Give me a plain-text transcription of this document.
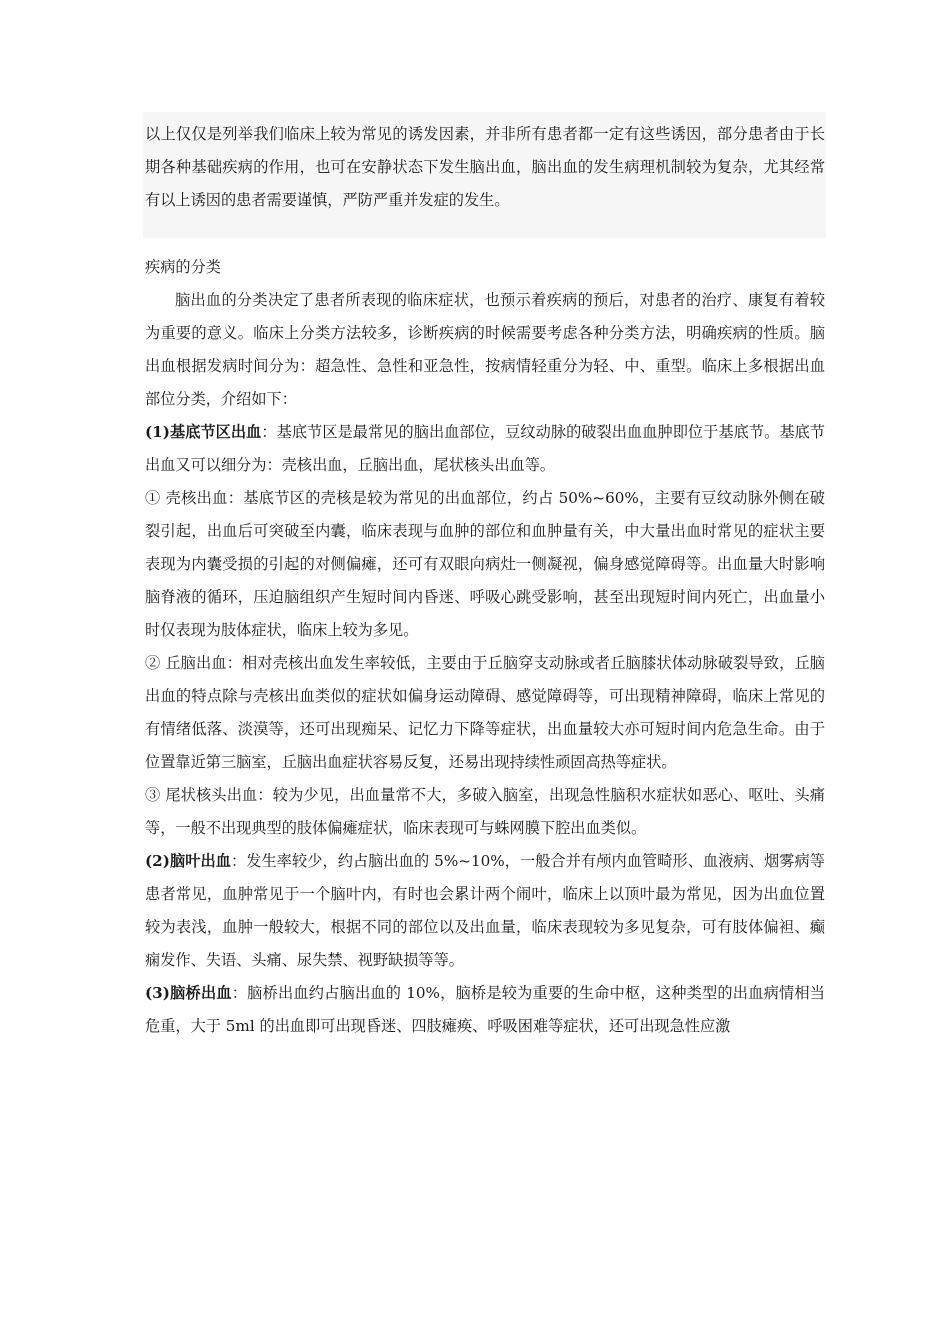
以上仅仅是列举我们临床上较为常见的诱发因素，并非所有患者都一定有这些诱因，部分患者由于长期各种基础疾病的作用，也可在安静状态下发生脑出血，脑出血的发生病理机制较为复杂，尤其经常有以上诱因的患者需要谨慎，严防严重并发症的发生。

疾病的分类

脑出血的分类决定了患者所表现的临床症状，也预示着疾病的预后，对患者的治疗、康复有着较为重要的意义。临床上分类方法较多，诊断疾病的时候需要考虑各种分类方法，明确疾病的性质。脑出血根据发病时间分为：超急性、急性和亚急性，按病情轻重分为轻、中、重型。临床上多根据出血部位分类，介绍如下：

(1)基底节区出血：基底节区是最常见的脑出血部位，豆纹动脉的破裂出血血肿即位于基底节。基底节出血又可以细分为：壳核出血，丘脑出血，尾状核头出血等。

① 壳核出血：基底节区的壳核是较为常见的出血部位，约占 50%~60%，主要有豆纹动脉外侧在破裂引起，出血后可突破至内囊，临床表现与血肿的部位和血肿量有关，中大量出血时常见的症状主要表现为内囊受损的引起的对侧偏瘫，还可有双眼向病灶一侧凝视，偏身感觉障碍等。出血量大时影响脑脊液的循环，压迫脑组织产生短时间内昏迷、呼吸心跳受影响，甚至出现短时间内死亡，出血量小时仅表现为肢体症状，临床上较为多见。

② 丘脑出血：相对壳核出血发生率较低，主要由于丘脑穿支动脉或者丘脑膝状体动脉破裂导致，丘脑出血的特点除与壳核出血类似的症状如偏身运动障碍、感觉障碍等，可出现精神障碍，临床上常见的有情绪低落、淡漠等，还可出现痴呆、记忆力下降等症状，出血量较大亦可短时间内危急生命。由于位置靠近第三脑室，丘脑出血症状容易反复，还易出现持续性顽固高热等症状。

③ 尾状核头出血：较为少见，出血量常不大，多破入脑室，出现急性脑积水症状如恶心、呕吐、头痛等，一般不出现典型的肢体偏瘫症状，临床表现可与蛛网膜下腔出血类似。

(2)脑叶出血：发生率较少，约占脑出血的 5%~10%，一般合并有颅内血管畸形、血液病、烟雾病等患者常见，血肿常见于一个脑叶内，有时也会累计两个闹叶，临床上以顶叶最为常见，因为出血位置较为表浅，血肿一般较大，根据不同的部位以及出血量，临床表现较为多见复杂，可有肢体偏袒、癫痫发作、失语、头痛、尿失禁、视野缺损等等。

(3)脑桥出血：脑桥出血约占脑出血的 10%，脑桥是较为重要的生命中枢，这种类型的出血病情相当危重，大于 5ml 的出血即可出现昏迷、四肢瘫痪、呼吸困难等症状，还可出现急性应激
